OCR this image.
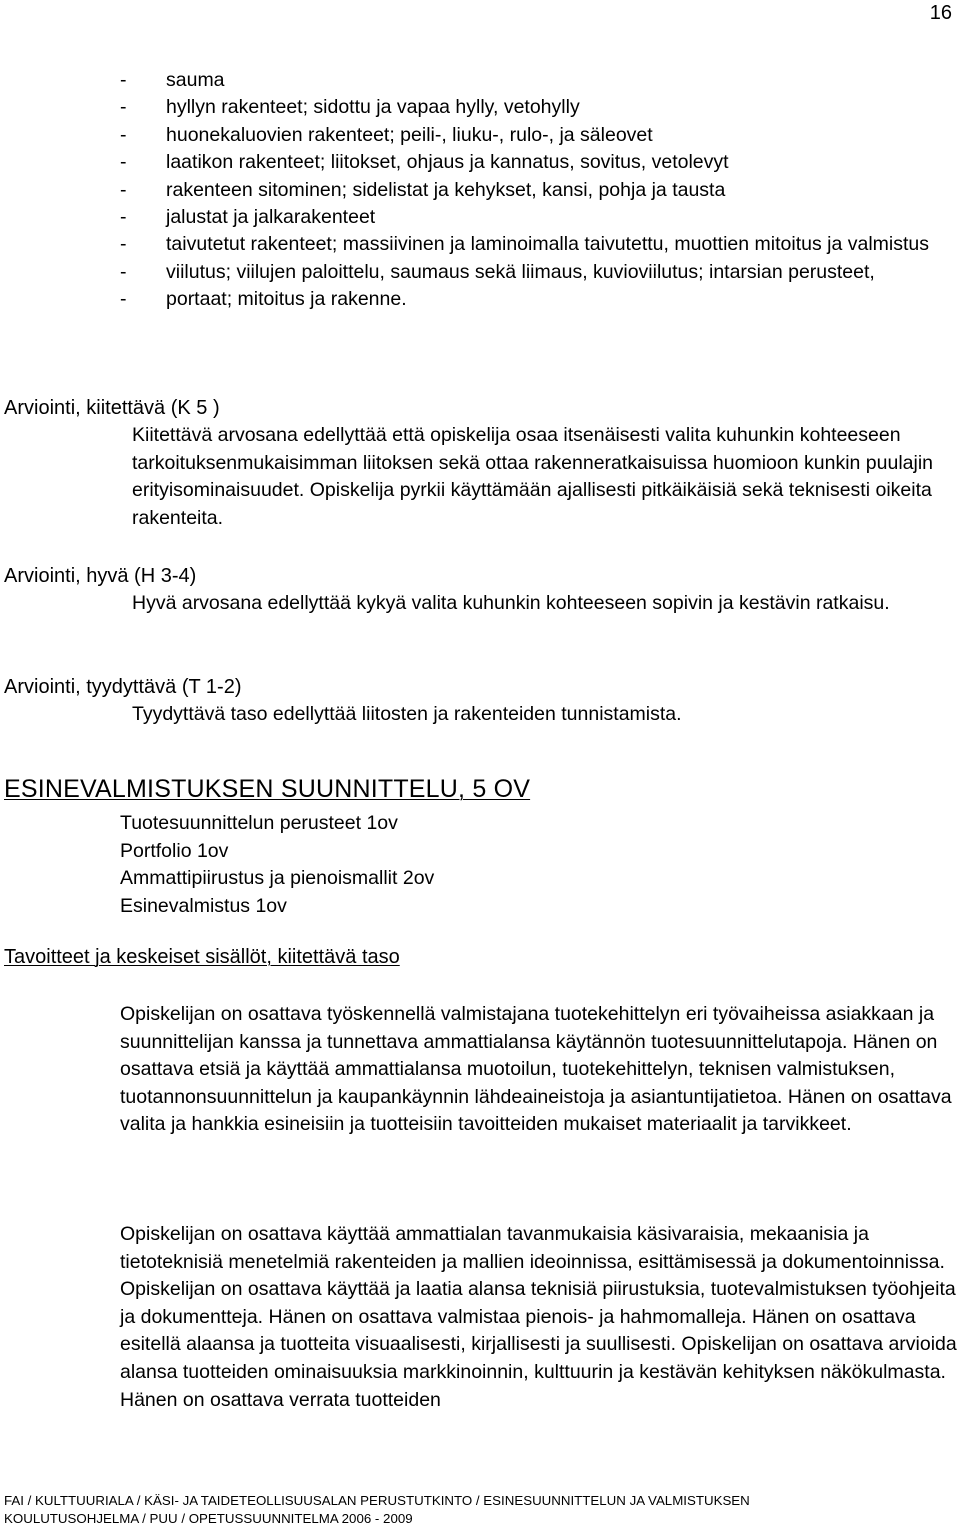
16
- sauma
- hyllyn rakenteet; sidottu ja vapaa hylly, vetohylly
- huonekaluovien rakenteet; peili-, liuku-, rulo-, ja säleovet
- laatikon rakenteet; liitokset, ohjaus ja kannatus, sovitus, vetolevyt
- rakenteen sitominen; sidelistat ja kehykset, kansi, pohja ja tausta
- jalustat ja jalkarakenteet
- taivutetut rakenteet; massiivinen ja laminoimalla taivutettu, muottien mitoitus ja valmistus
- viilutus; viilujen paloittelu, saumaus sekä liimaus, kuvioviilutus; intarsian perusteet,
- portaat; mitoitus ja rakenne.
Arviointi, kiitettävä (K 5 )
Kiitettävä arvosana edellyttää että opiskelija osaa itsenäisesti valita kuhunkin kohteeseen tarkoituksenmukaisimman liitoksen sekä ottaa rakenneratkaisuissa huomioon kunkin puulajin erityisominaisuudet. Opiskelija pyrkii käyttämään ajallisesti pitkäikäisiä sekä teknisesti oikeita rakenteita.
Arviointi, hyvä (H 3-4)
Hyvä arvosana edellyttää kykyä valita kuhunkin kohteeseen sopivin ja kestävin ratkaisu.
Arviointi, tyydyttävä (T 1-2)
Tyydyttävä taso edellyttää liitosten ja rakenteiden tunnistamista.
ESINEVALMISTUKSEN SUUNNITTELU, 5 OV
Tuotesuunnittelun perusteet 1ov
Portfolio 1ov
Ammattipiirustus ja pienoismallit 2ov
Esinevalmistus 1ov
Tavoitteet ja keskeiset sisällöt, kiitettävä taso

Opiskelijan on osattava työskennellä valmistajana tuotekehittelyn eri työvaiheissa asiakkaan ja suunnittelijan kanssa ja tunnettava ammattialansa käytännön tuotesuunnittelutapoja. Hänen on osattava etsiä ja käyttää ammattialansa muotoilun, tuotekehittelyn, teknisen valmistuksen, tuotannonsuunnittelun ja kaupankäynnin lähdeaineistoja ja asiantuntijatietoa. Hänen on osattava valita ja hankkia esineisiin ja tuotteisiin tavoitteiden mukaiset materiaalit ja tarvikkeet.

Opiskelijan on osattava käyttää ammattialan tavanmukaisia käsivaraisia, mekaanisia ja tietoteknisiä menetelmiä rakenteiden ja mallien ideoinnissa, esittämisessä ja dokumentoinnissa. Opiskelijan on osattava käyttää ja laatia alansa teknisiä piirustuksia, tuotevalmistuksen työohjeita ja dokumentteja. Hänen on osattava valmistaa pienois- ja hahmomalleja. Hänen on osattava esitellä alaansa ja tuotteita visuaalisesti, kirjallisesti ja suullisesti. Opiskelijan on osattava arvioida alansa tuotteiden ominaisuuksia markkinoinnin, kulttuurin ja kestävän kehityksen näkökulmasta. Hänen on osattava verrata tuotteiden

FAI / KULTTUURIALA / KÄSI- JA TAIDETEOLLISUUSALAN PERUSTUTKINTO / ESINESUUNNITTELUN JA VALMISTUKSEN
KOULUTUSOHJELMA / PUU / OPETUSSUUNNITELMA 2006 - 2009
